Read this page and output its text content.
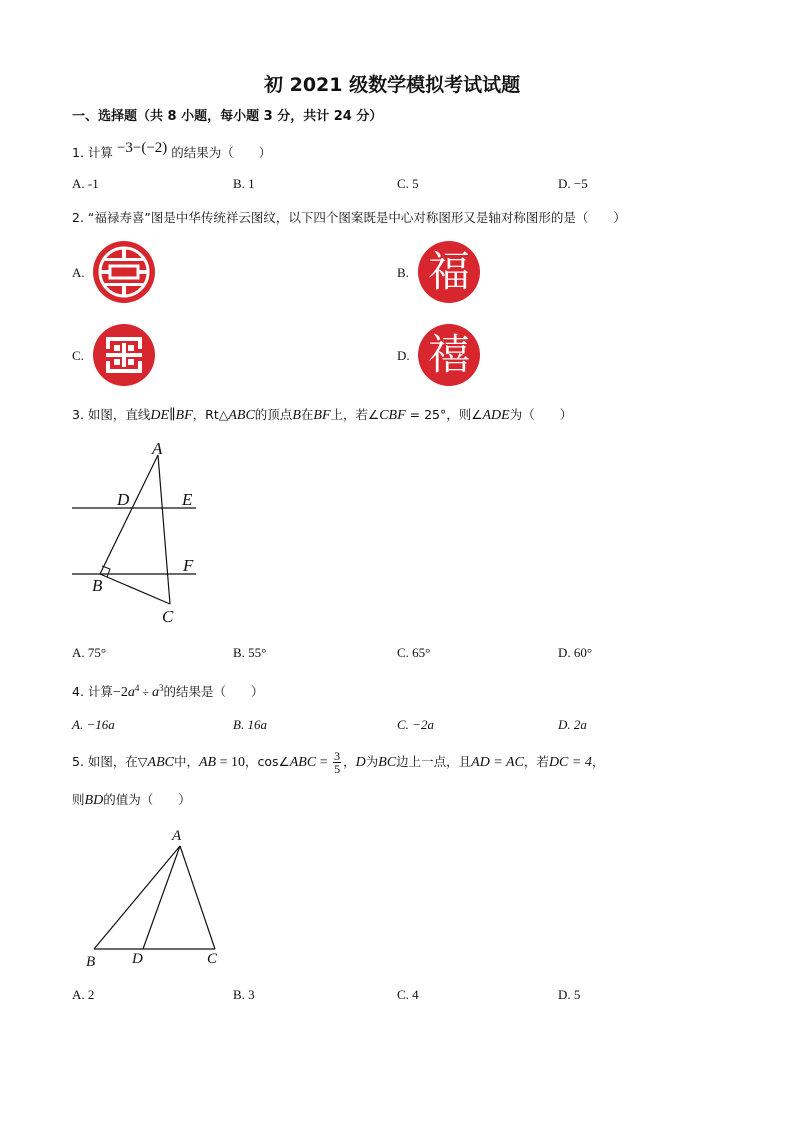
初 2021 级数学模拟考试试题
一、选择题（共 8 小题，每小题 3 分，共计 24 分）
1. 计算 −3−(−2) 的结果为（　　）
A. -1	B. 1	C. 5	D. −5
2. “福禄寿喜”图是中华传统祥云图纹，以下四个图案既是中心对称图形又是轴对称图形的是（　　）
A.	B. 福
C.	D. 禧
3. 如图，直线DE∥BF，Rt△ABC的顶点B在BF上，若∠CBF = 25°，则∠ADE为（　　）
A
D	E
B
F
C
A. 75°	B. 55°	C. 65°	D. 60°
4. 计算$-2a^4 \div a^3$的结果是（　　）
A. −16a	B. 16a	C. −2a	D. 2a
5. 如图，在▽ABC中，AB = 10，cos∠ABC = $\frac{3}{5}$ ，D为BC边上一点，且AD = AC，若DC = 4，
则BD的值为（　　）
A
B D	C
A. 2	B. 3	C. 4	D. 5
